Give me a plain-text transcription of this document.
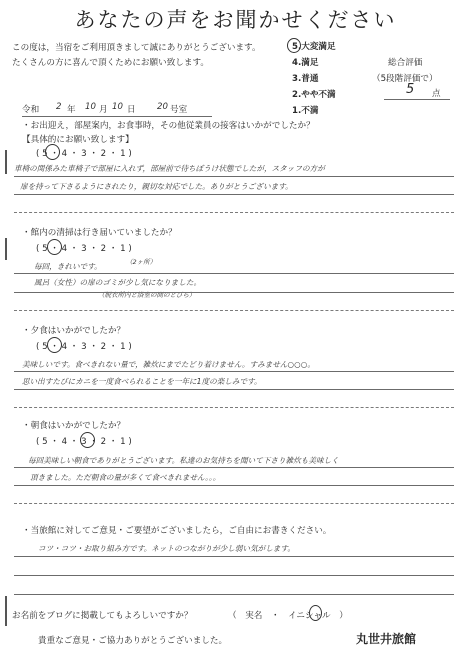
あなたの声をお聞かせください
この度は，当宿をご利用頂きまして誠にありがとうございます。
たくさんの方に喜んで頂くためにお願い致します。
5.大変満足
4.満足
3.普通
2.やや不満
1.不満
総合評価
（5段階評価で）
5 点
令和 2 年 10 月 10 日 20 号室
・お出迎え，部屋案内，お食事時，その他従業員の接客はいかがでしたか？
【具体的にお願い致します】
( 5 ・ 4 ・ 3 ・ 2 ・ 1 )
車椅の関係みた車椅子で部屋に入れず，部屋前で待ちぼうけ状態でしたが，スタッフの方が
扉を持って下さるようにされたり，親切な対応でした。ありがとうございます。
・館内の清掃は行き届いていましたか？
( 5 ・ 4 ・ 3 ・ 2 ・ 1 )
毎回，きれいです。	（2ヶ所）
風呂（女性）の扉のゴミが少し気になりました。
（脱衣所内と浴室の間のとびら）
・夕食はいかがでしたか？
( 5 ・ 4 ・ 3 ・ 2 ・ 1 )
美味しいです。食べきれない量で，雑炊にまでたどり着けません。すみません○○○。
思い出すたびにカニを一度食べられることを一年に1度の楽しみです。
・朝食はいかがでしたか？
( 5 ・ 4 ・ 3 ・ 2 ・ 1 )
毎回美味しい朝食でありがとうございます。私達のお気持ちを聞いて下さり雑炊も美味しく
頂きました。ただ朝食の量が多くて食べきれません。。。
・当旅館に対してご意見・ご要望がございましたら，ご自由にお書きください。
コツ・コツ・お取り組み方です。ネットのつながりが少し弱い気がします。
お名前をブログに掲載してもよろしいですか？	（　実名　・　イニシャル　）
貴重なご意見・ご協力ありがとうございました。	丸世井旅館
